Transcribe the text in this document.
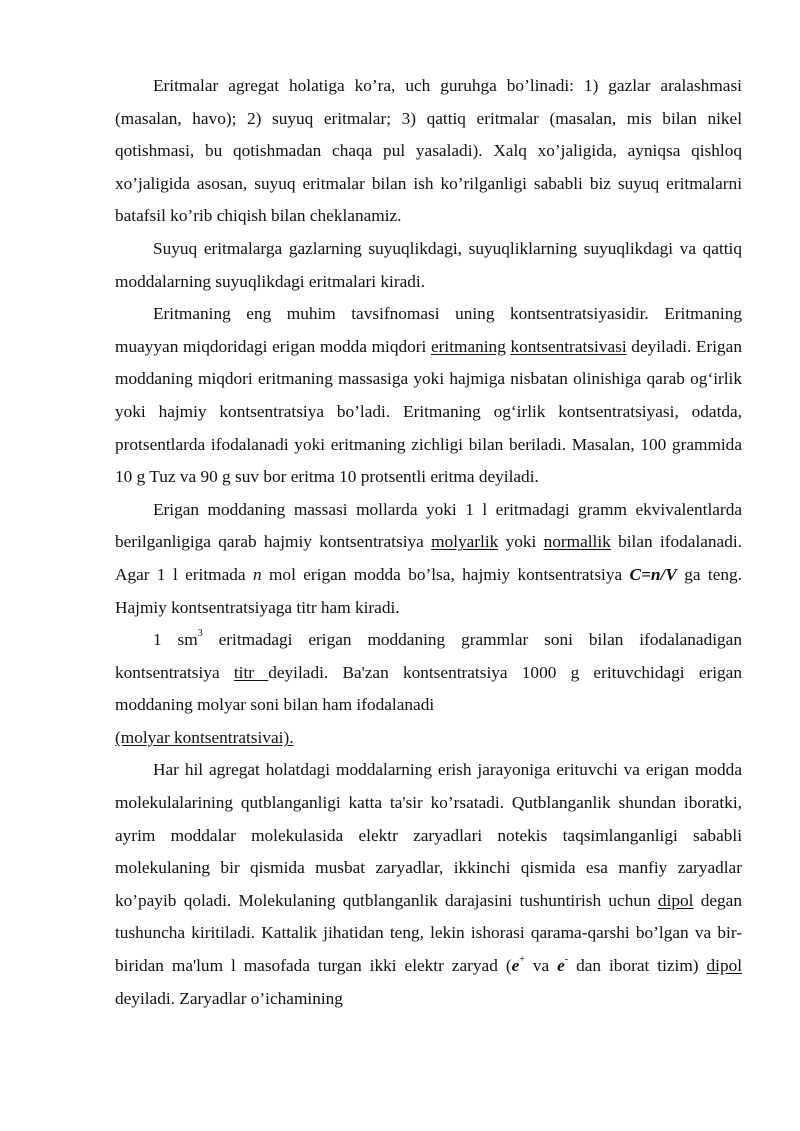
Eritmalar agregat holatiga ko’ra, uch guruhga bo’linadi: 1) gazlar aralashmasi (masalan, havo); 2) suyuq eritmalar; 3) qattiq eritmalar (masalan, mis bilan nikel qotishmasi, bu qotishmadan chaqa pul yasaladi). Xalq xo’jaligida, ayniqsa qishloq xo’jaligida asosan, suyuq eritmalar bilan ish ko’rilganligi sababli biz suyuq eritmalarni batafsil ko’rib chiqish bilan cheklanamiz.

Suyuq eritmalarga gazlarning suyuqlikdagi, suyuqliklarning suyuqlikdagi va qattiq moddalarning suyuqlikdagi eritmalari kiradi.

Eritmaning eng muhim tavsifnomasi uning kontsentratsiyasidir. Eritmaning muayyan miqdoridagi erigan modda miqdori eritmaning kontsentratsivasi deyiladi. Erigan moddaning miqdori eritmaning massasiga yoki hajmiga nisbatan olinishiga qarab og‘irlik yoki hajmiy kontsentratsiya bo’ladi. Eritmaning og‘irlik kontsentratsiyasi, odatda, protsentlarda ifodalanadi yoki eritmaning zichligi bilan beriladi. Masalan, 100 grammida 10 g Tuz va 90 g suv bor eritma 10 protsentli eritma deyiladi.

Erigan moddaning massasi mollarda yoki 1 l eritmadagi gramm ekvivalentlarda berilganligiga qarab hajmiy kontsentratsiya molyarlik yoki normallik bilan ifodalanadi. Agar 1 l eritmada n mol erigan modda bo’lsa, hajmiy kontsentratsiya C=n/V ga teng. Hajmiy kontsentratsiyaga titr ham kiradi.

1 $sm^3$ eritmadagi erigan moddaning grammlar soni bilan ifodalanadigan kontsentratsiya titr deyiladi. Ba'zan kontsentratsiya 1000 g erituvchidagi erigan moddaning molyar soni bilan ham ifodalanadi

(molyar kontsentratsivai).

Har hil agregat holatdagi moddalarning erish jarayoniga erituvchi va erigan modda molekulalarining qutblanganligi katta ta'sir ko’rsatadi. Qutblanganlik shundan iboratki, ayrim moddalar molekulasida elektr zaryadlari notekis taqsimlanganligi sababli molekulaning bir qismida musbat zaryadlar, ikkinchi qismida esa manfiy zaryadlar ko’payib qoladi. Molekulaning qutblanganlik darajasini tushuntirish uchun dipol degan tushuncha kiritiladi. Kattalik jihatidan teng, lekin ishorasi qarama-qarshi bo’lgan va bir-biridan ma'lum l masofada turgan ikki elektr zaryad (e+ va e- dan iborat tizim) dipol deyiladi. Zaryadlar o’ichamining
